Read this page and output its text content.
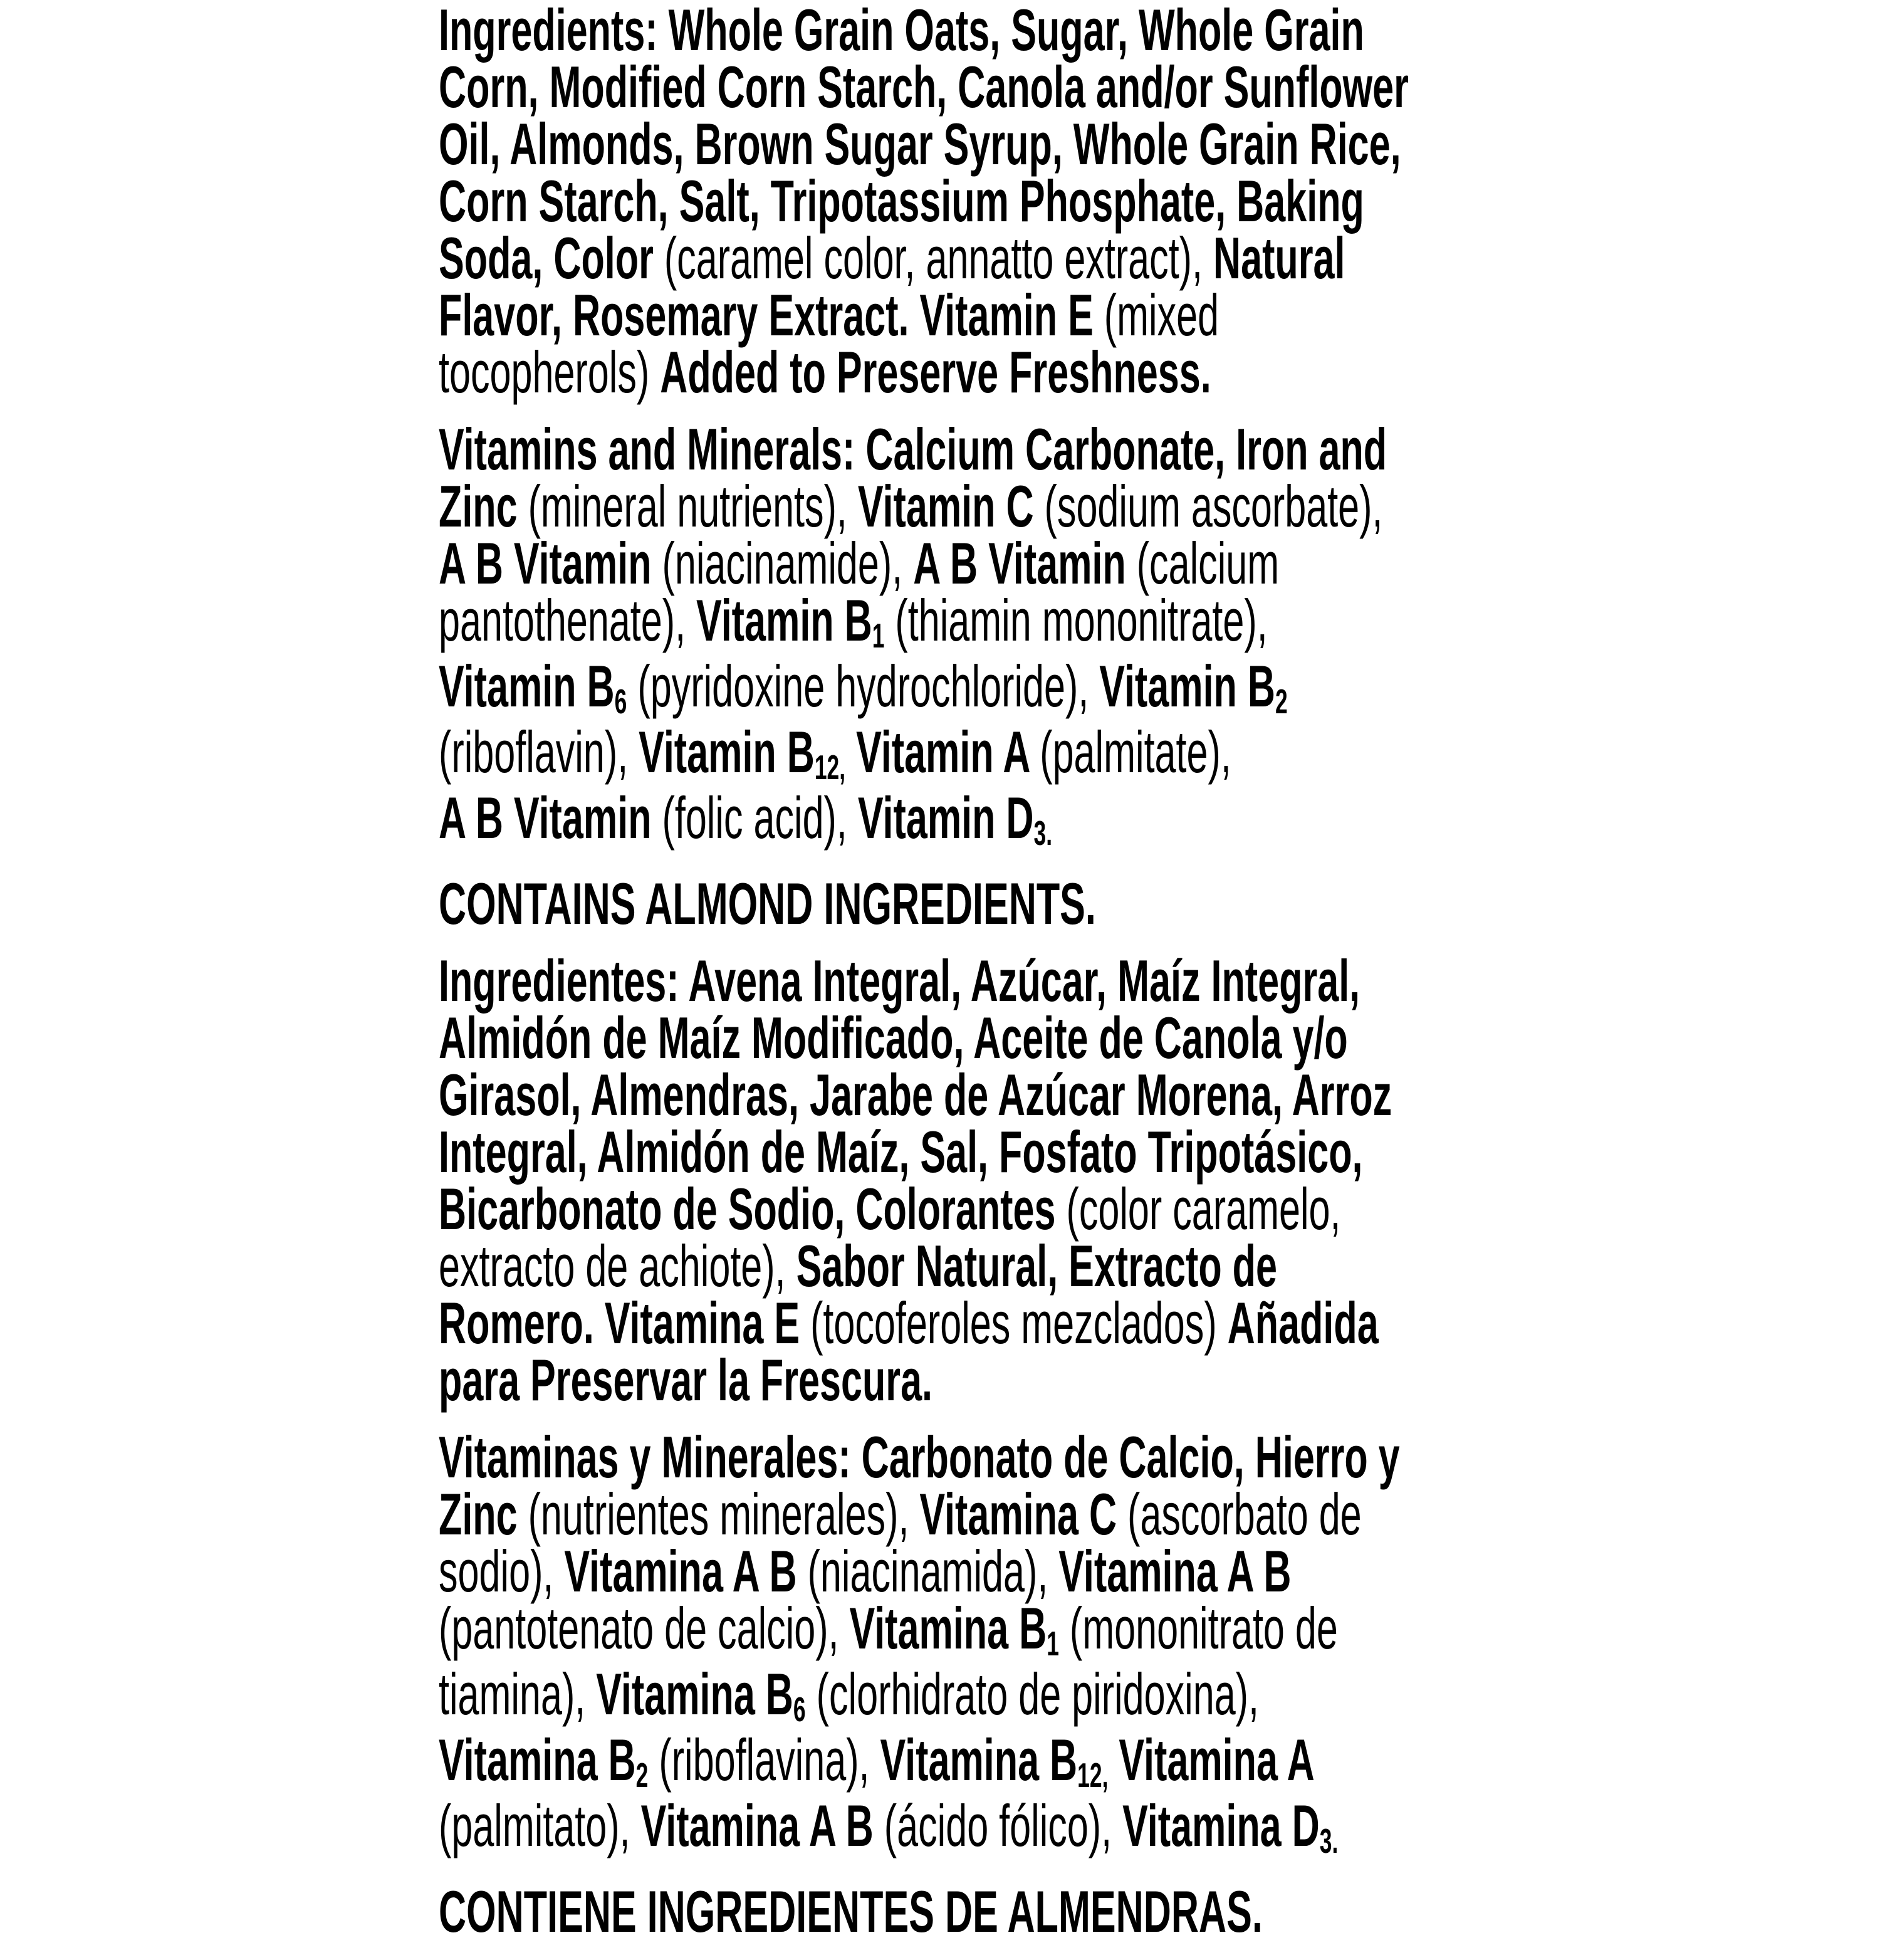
Ingredients: Whole Grain Oats, Sugar, Whole Grain
Corn, Modified Corn Starch, Canola and/or Sunflower
Oil, Almonds, Brown Sugar Syrup, Whole Grain Rice,
Corn Starch, Salt, Tripotassium Phosphate, Baking
Soda, Color (caramel color, annatto extract), Natural
Flavor, Rosemary Extract. Vitamin E (mixed
tocopherols) Added to Preserve Freshness.
Vitamins and Minerals: Calcium Carbonate, Iron and
Zinc (mineral nutrients), Vitamin C (sodium ascorbate),
A B Vitamin (niacinamide), A B Vitamin (calcium
pantothenate), Vitamin B1 (thiamin mononitrate),
Vitamin B6 (pyridoxine hydrochloride), Vitamin B2
(riboflavin), Vitamin B12, Vitamin A (palmitate),
A B Vitamin (folic acid), Vitamin D3.
CONTAINS ALMOND INGREDIENTS.
Ingredientes: Avena Integral, Azúcar, Maíz Integral,
Almidón de Maíz Modificado, Aceite de Canola y/o
Girasol, Almendras, Jarabe de Azúcar Morena, Arroz
Integral, Almidón de Maíz, Sal, Fosfato Tripotásico,
Bicarbonato de Sodio, Colorantes (color caramelo,
extracto de achiote), Sabor Natural, Extracto de
Romero. Vitamina E (tocoferoles mezclados) Añadida
para Preservar la Frescura.
Vitaminas y Minerales: Carbonato de Calcio, Hierro y
Zinc (nutrientes minerales), Vitamina C (ascorbato de
sodio), Vitamina A B (niacinamida), Vitamina A B
(pantotenato de calcio), Vitamina B1 (mononitrato de
tiamina), Vitamina B6 (clorhidrato de piridoxina),
Vitamina B2 (riboflavina), Vitamina B12, Vitamina A
(palmitato), Vitamina A B (ácido fólico), Vitamina D3.
CONTIENE INGREDIENTES DE ALMENDRAS.
